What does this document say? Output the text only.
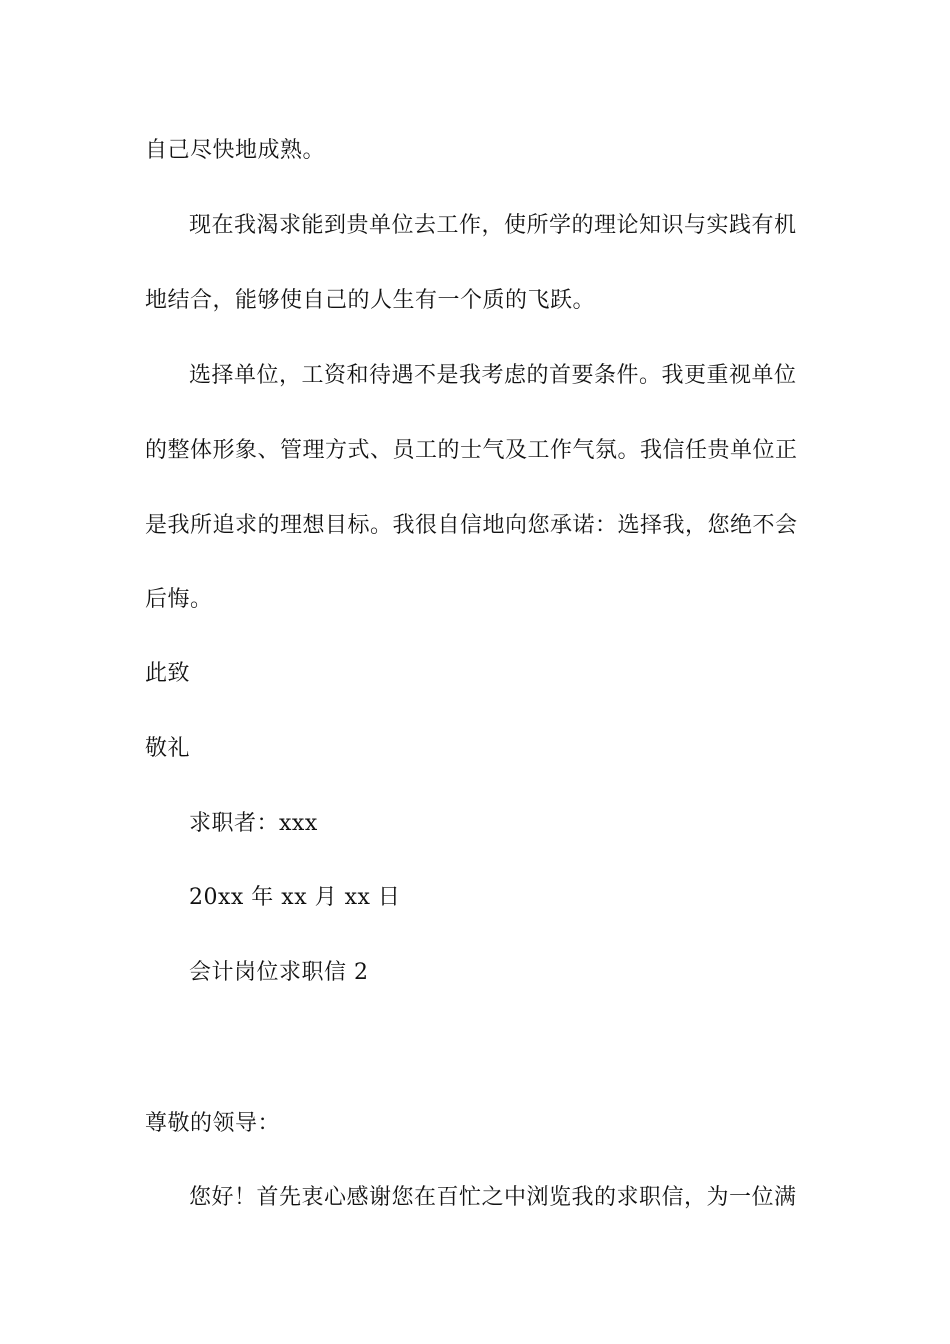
自己尽快地成熟。
现在我渴求能到贵单位去工作，使所学的理论知识与实践有机
地结合，能够使自己的人生有一个质的飞跃。
选择单位，工资和待遇不是我考虑的首要条件。我更重视单位
的整体形象、管理方式、员工的士气及工作气氛。我信任贵单位正
是我所追求的理想目标。我很自信地向您承诺：选择我，您绝不会
后悔。
此致
敬礼
求职者：xxx
20xx 年 xx 月 xx 日
会计岗位求职信 2
尊敬的领导：
您好！首先衷心感谢您在百忙之中浏览我的求职信，为一位满
